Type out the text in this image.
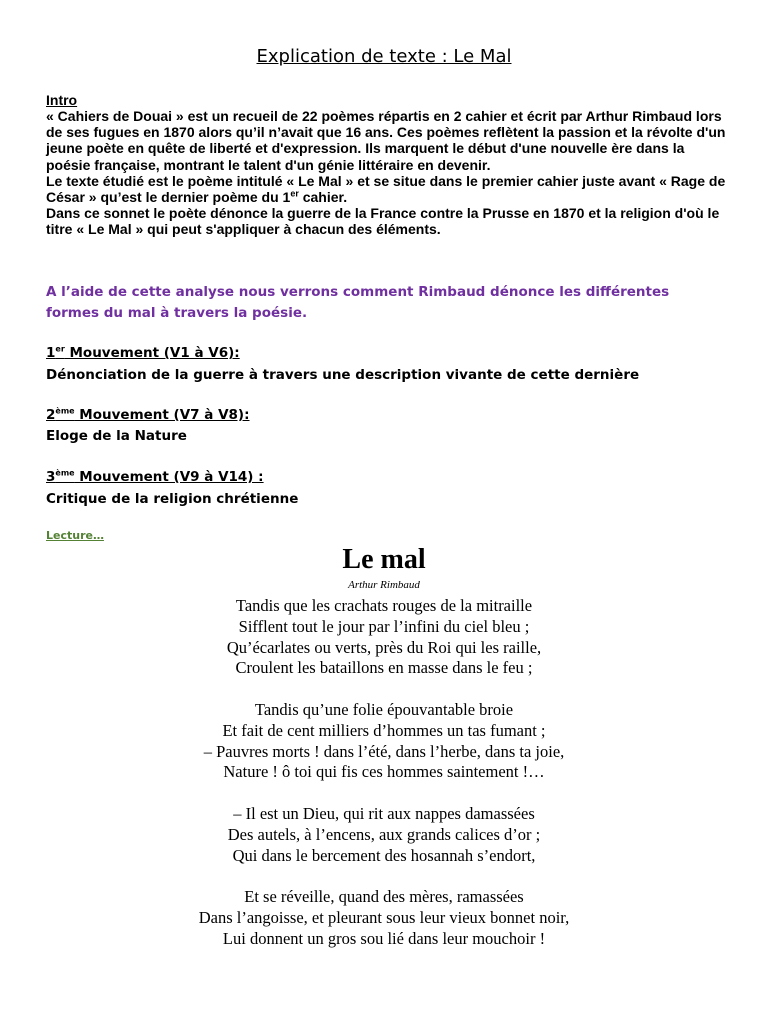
Explication de texte : Le Mal
Intro

« Cahiers de Douai » est un recueil de 22 poèmes répartis en 2 cahier et écrit par Arthur Rimbaud lors de ses fugues en 1870 alors qu’il n’avait que 16 ans. Ces poèmes reflètent la passion et la révolte d'un jeune poète en quête de liberté et d'expression. Ils marquent le début d'une nouvelle ère dans la poésie française, montrant le talent d'un génie littéraire en devenir.

Le texte étudié est le poème intitulé « Le Mal » et se situe dans le premier cahier juste avant « Rage de César » qu’est le dernier poème du 1er cahier.

Dans ce sonnet le poète dénonce la guerre de la France contre la Prusse en 1870 et la religion d'où le titre « Le Mal » qui peut s'appliquer à chacun des éléments.

A l’aide de cette analyse nous verrons comment Rimbaud dénonce les différentes formes du mal à travers la poésie.
1er Mouvement (V1 à V6):
Dénonciation de la guerre à travers une description vivante de cette dernière
2ème Mouvement (V7 à V8):
Eloge de la Nature
3ème Mouvement (V9 à V14) :
Critique de la religion chrétienne
Lecture…
Le mal
Arthur Rimbaud
Tandis que les crachats rouges de la mitraille
Sifflent tout le jour par l’infini du ciel bleu ;
Qu’écarlates ou verts, près du Roi qui les raille,
Croulent les bataillons en masse dans le feu ;
Tandis qu’une folie épouvantable broie
Et fait de cent milliers d’hommes un tas fumant ;
– Pauvres morts ! dans l’été, dans l’herbe, dans ta joie,
Nature ! ô toi qui fis ces hommes saintement !…
– Il est un Dieu, qui rit aux nappes damassées
Des autels, à l’encens, aux grands calices d’or ;
Qui dans le bercement des hosannah s’endort,
Et se réveille, quand des mères, ramassées
Dans l’angoisse, et pleurant sous leur vieux bonnet noir,
Lui donnent un gros sou lié dans leur mouchoir !
